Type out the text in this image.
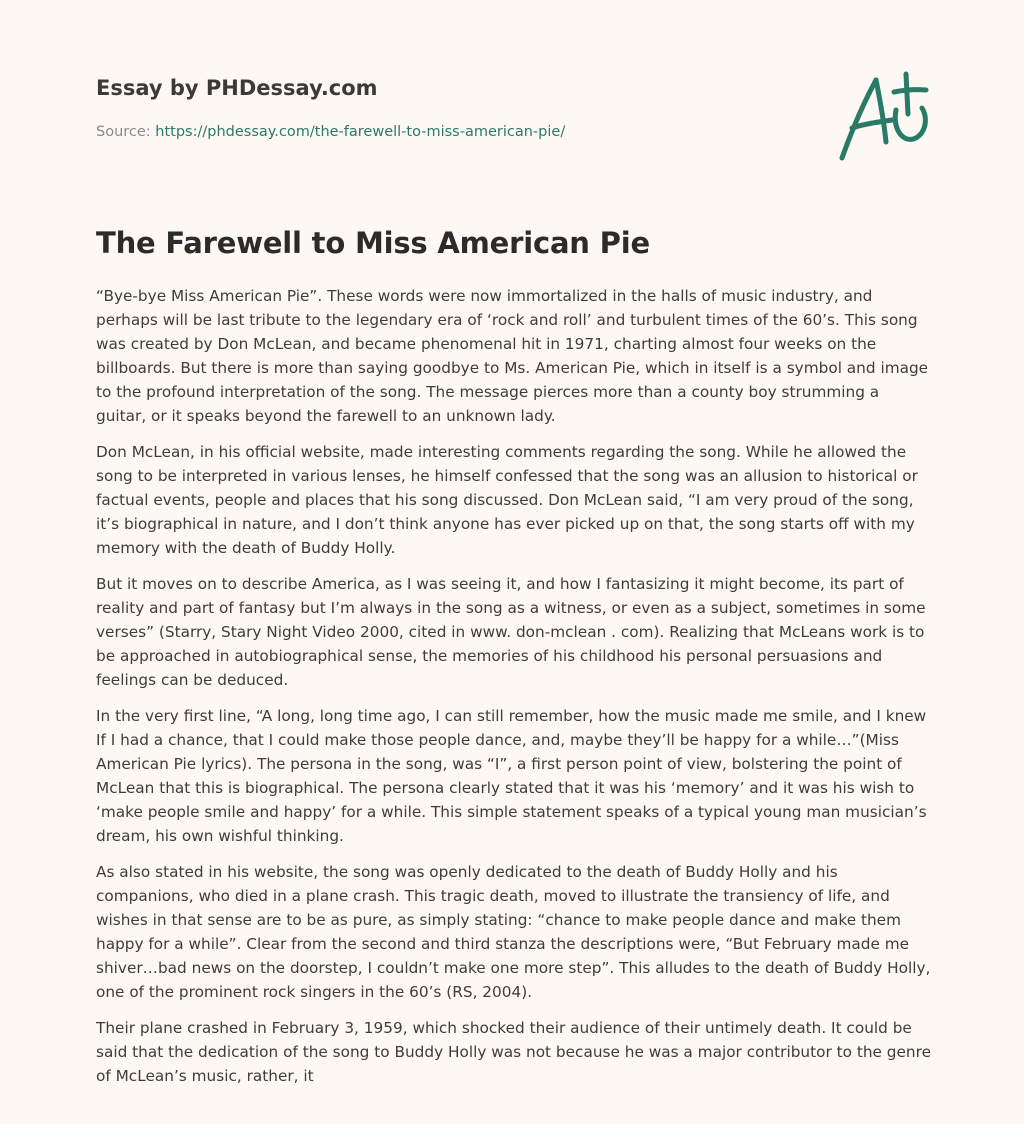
Essay by PHDessay.com
Source: https://phdessay.com/the-farewell-to-miss-american-pie/
The Farewell to Miss American Pie

“Bye-bye Miss American Pie”. These words were now immortalized in the halls of music industry, and perhaps will be last tribute to the legendary era of ‘rock and roll’ and turbulent times of the 60’s. This song was created by Don McLean, and became phenomenal hit in 1971, charting almost four weeks on the billboards. But there is more than saying goodbye to Ms. American Pie, which in itself is a symbol and image to the profound interpretation of the song. The message pierces more than a county boy strumming a guitar, or it speaks beyond the farewell to an unknown lady.

Don McLean, in his official website, made interesting comments regarding the song. While he allowed the song to be interpreted in various lenses, he himself confessed that the song was an allusion to historical or factual events, people and places that his song discussed. Don McLean said, “I am very proud of the song, it’s biographical in nature, and I don’t think anyone has ever picked up on that, the song starts off with my memory with the death of Buddy Holly.

But it moves on to describe America, as I was seeing it, and how I fantasizing it might become, its part of reality and part of fantasy but I’m always in the song as a witness, or even as a subject, sometimes in some verses” (Starry, Stary Night Video 2000, cited in www. don-mclean . com). Realizing that McLeans work is to be approached in autobiographical sense, the memories of his childhood his personal persuasions and feelings can be deduced.

In the very first line, “A long, long time ago, I can still remember, how the music made me smile, and I knew If I had a chance, that I could make those people dance, and, maybe they’ll be happy for a while…”(Miss American Pie lyrics). The persona in the song, was “I”, a first person point of view, bolstering the point of McLean that this is biographical. The persona clearly stated that it was his ‘memory’ and it was his wish to ‘make people smile and happy’ for a while. This simple statement speaks of a typical young man musician’s dream, his own wishful thinking.

As also stated in his website, the song was openly dedicated to the death of Buddy Holly and his companions, who died in a plane crash. This tragic death, moved to illustrate the transiency of life, and wishes in that sense are to be as pure, as simply stating: “chance to make people dance and make them happy for a while”. Clear from the second and third stanza the descriptions were, “But February made me shiver…bad news on the doorstep, I couldn’t make one more step”. This alludes to the death of Buddy Holly, one of the prominent rock singers in the 60’s (RS, 2004).

Their plane crashed in February 3, 1959, which shocked their audience of their untimely death. It could be said that the dedication of the song to Buddy Holly was not because he was a major contributor to the genre of McLean’s music, rather, it
